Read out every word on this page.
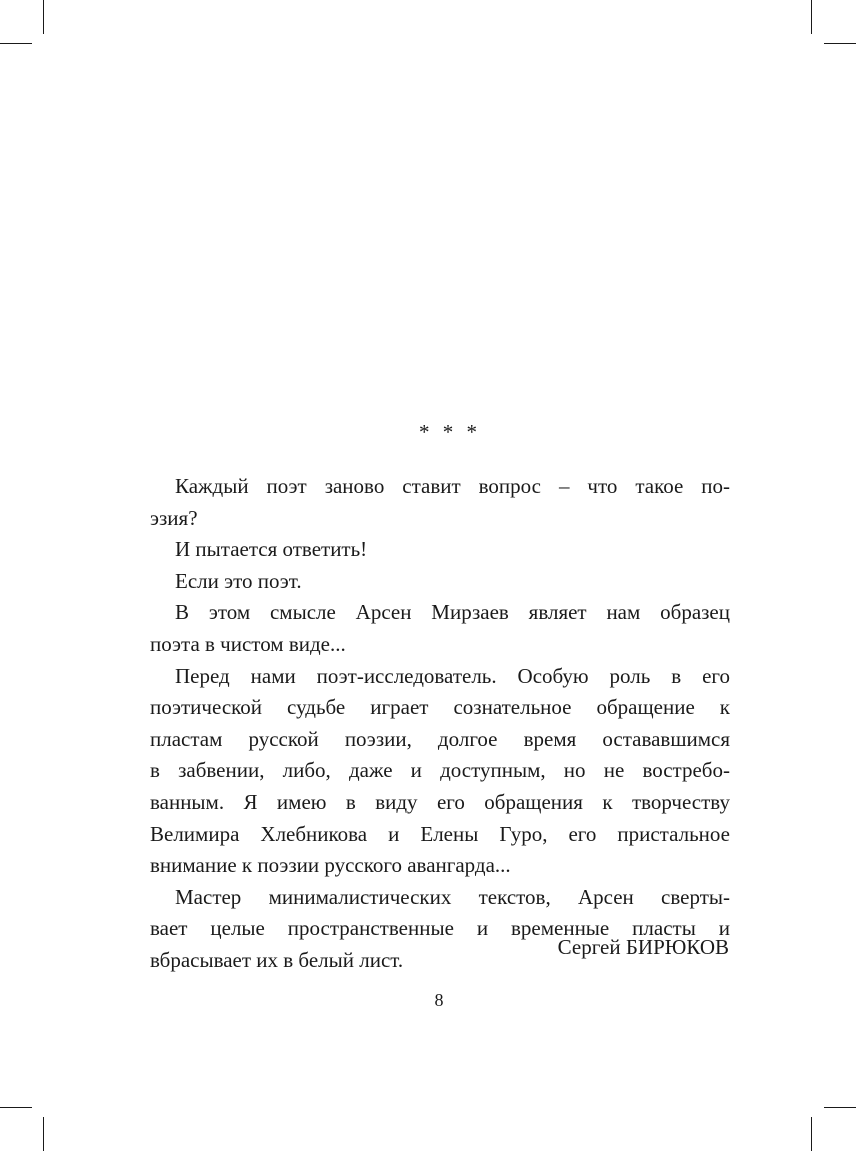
* * *
Каждый поэт заново ставит вопрос – что такое по-
эзия?
И пытается ответить!
Если это поэт.
В этом смысле Арсен Мирзаев являет нам образец
поэта в чистом виде...
Перед нами поэт-исследователь. Особую роль в его
поэтической судьбе играет сознательное обращение к
пластам русской поэзии, долгое время остававшимся
в забвении, либо, даже и доступным, но не востребо-
ванным. Я имею в виду его обращения к творчеству
Велимира Хлебникова и Елены Гуро, его пристальное
внимание к поэзии русского авангарда...
Мастер минималистических текстов, Арсен сверты-
вает целые пространственные и временные пласты и
вбрасывает их в белый лист.
Сергей БИРЮКОВ
8
